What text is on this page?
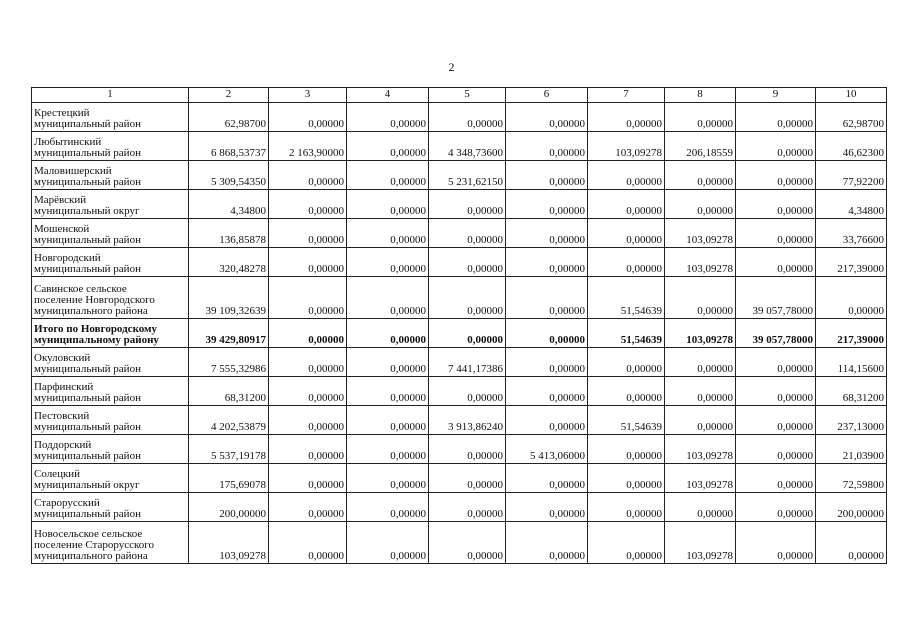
2
1	2	3	4	5	6	7	8	9	10

Крестецкий
муниципальный район	62,98700	0,00000	0,00000	0,00000	0,00000	0,00000	0,00000	0,00000	62,98700

Любытинский
муниципальный район	6 868,53737	2 163,90000	0,00000	4 348,73600	0,00000	103,09278	206,18559	0,00000	46,62300

Маловишерский
муниципальный район	5 309,54350	0,00000	0,00000	5 231,62150	0,00000	0,00000	0,00000	0,00000	77,92200

Марёвский
муниципальный округ	4,34800	0,00000	0,00000	0,00000	0,00000	0,00000	0,00000	0,00000	4,34800

Мошенской
муниципальный район	136,85878	0,00000	0,00000	0,00000	0,00000	0,00000	103,09278	0,00000	33,76600

Новгородский
муниципальный район	320,48278	0,00000	0,00000	0,00000	0,00000	0,00000	103,09278	0,00000	217,39000

Савинское сельское
поселение Новгородского
муниципального района	39 109,32639	0,00000	0,00000	0,00000	0,00000	51,54639	0,00000	39 057,78000	0,00000

Итого по Новгородскому
муниципальному району	39 429,80917	0,00000	0,00000	0,00000	0,00000	51,54639	103,09278	39 057,78000	217,39000

Окуловский
муниципальный район	7 555,32986	0,00000	0,00000	7 441,17386	0,00000	0,00000	0,00000	0,00000	114,15600

Парфинский
муниципальный район	68,31200	0,00000	0,00000	0,00000	0,00000	0,00000	0,00000	0,00000	68,31200

Пестовский
муниципальный район	4 202,53879	0,00000	0,00000	3 913,86240	0,00000	51,54639	0,00000	0,00000	237,13000

Поддорский
муниципальный район	5 537,19178	0,00000	0,00000	0,00000	5 413,06000	0,00000	103,09278	0,00000	21,03900

Солецкий
муниципальный округ	175,69078	0,00000	0,00000	0,00000	0,00000	0,00000	103,09278	0,00000	72,59800

Старорусский
муниципальный район	200,00000	0,00000	0,00000	0,00000	0,00000	0,00000	0,00000	0,00000	200,00000

Новосельское сельское
поселение Старорусского
муниципального района	103,09278	0,00000	0,00000	0,00000	0,00000	0,00000	103,09278	0,00000	0,00000
